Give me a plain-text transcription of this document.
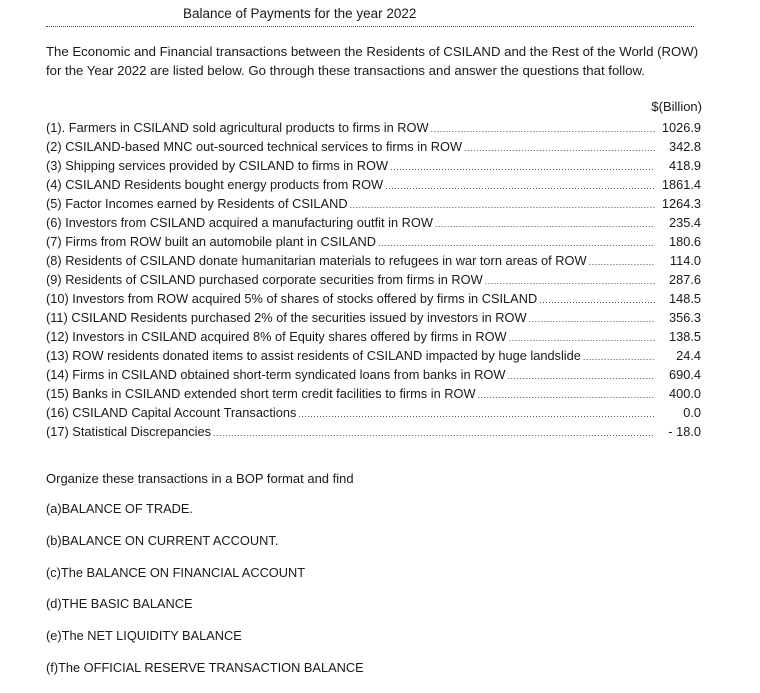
Balance of Payments for the year 2022
The Economic and Financial transactions between the Residents of CSILAND and the Rest of the World (ROW) for the Year 2022 are listed below. Go through these transactions and answer the questions that follow.
$(Billion)
(1). Farmers in CSILAND sold agricultural products to firms in ROW .....	1026.9
(2) CSILAND-based MNC out-sourced technical services to firms in ROW .....	342.8
(3) Shipping services provided by CSILAND to firms in ROW .....	418.9
(4) CSILAND Residents bought energy products from ROW .....	1861.4
(5) Factor Incomes earned by Residents of CSILAND .....	1264.3
(6) Investors from CSILAND acquired a manufacturing outfit in ROW .....	235.4
(7) Firms from ROW built an automobile plant in CSILAND .....	180.6
(8) Residents of CSILAND donate humanitarian materials to refugees in war torn areas of ROW .....	114.0
(9) Residents of CSILAND purchased corporate securities from firms in ROW .....	287.6
(10) Investors from ROW acquired 5% of shares of stocks offered by firms in CSILAND .....	148.5
(11) CSILAND Residents purchased 2% of the securities issued by investors in ROW .....	356.3
(12) Investors in CSILAND acquired 8% of Equity shares offered by firms in ROW .....	138.5
(13) ROW residents donated items to assist residents of CSILAND impacted by huge landslide .....	24.4
(14) Firms in CSILAND obtained short-term syndicated loans from banks in ROW .....	690.4
(15) Banks in CSILAND extended short term credit facilities to firms in ROW .....	400.0
(16) CSILAND Capital Account Transactions .....	0.0
(17) Statistical Discrepancies .....	- 18.0
Organize these transactions in a BOP format and find
(a)BALANCE OF TRADE.
(b)BALANCE ON CURRENT ACCOUNT.
(c)The BALANCE ON FINANCIAL ACCOUNT
(d)THE BASIC BALANCE
(e)The NET LIQUIDITY BALANCE
(f)The OFFICIAL RESERVE TRANSACTION BALANCE
